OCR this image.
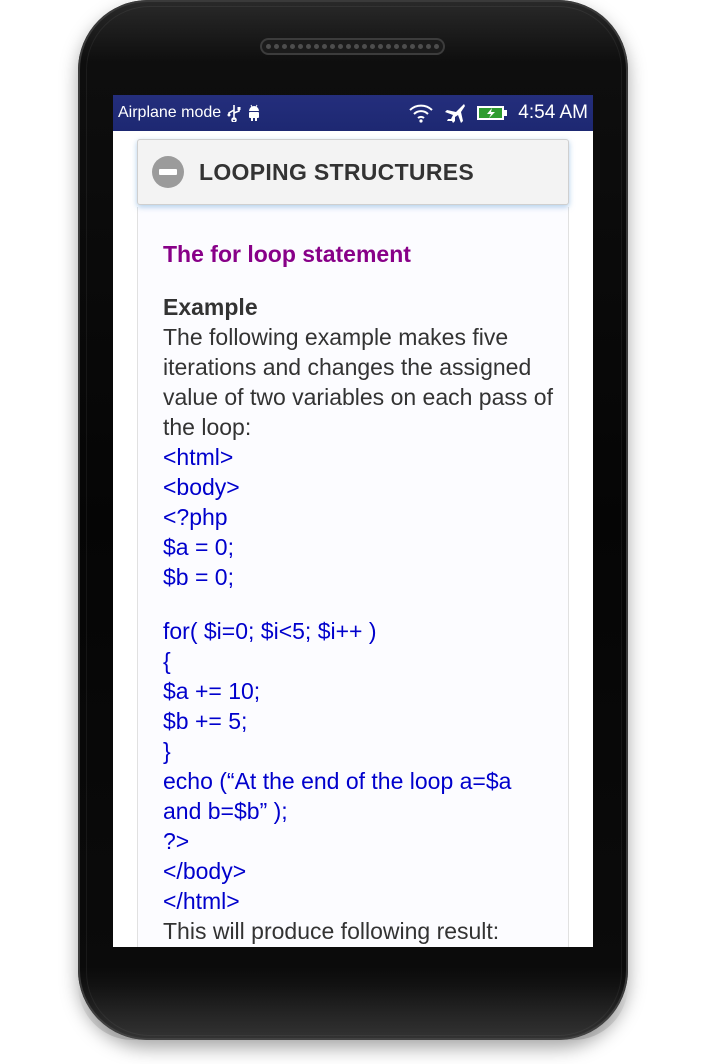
Airplane mode	4:54 AM
LOOPING STRUCTURES
The for loop statement
Example
The following example makes five iterations and changes the assigned value of two variables on each pass of the loop:
<html>
<body>
<?php
$a = 0;
$b = 0;
for( $i=0; $i<5; $i++ )
{
$a += 10;
$b += 5;
}
echo (“At the end of the loop a=$a
and b=$b” );
?>
</body>
</html>
This will produce following result:
